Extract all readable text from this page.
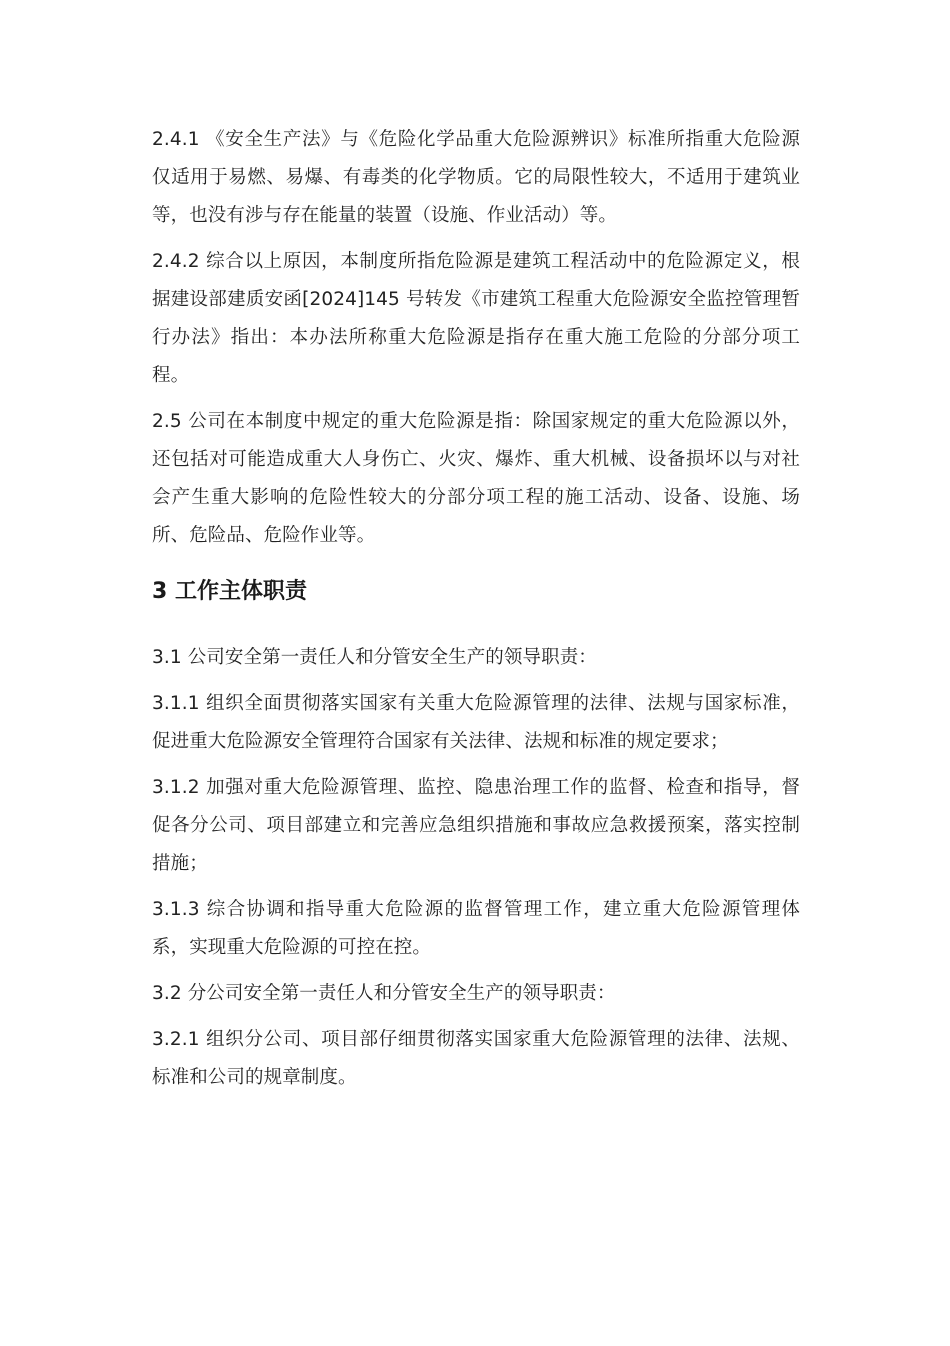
2.4.1 《安全生产法》与《危险化学品重大危险源辨识》标准所指重大危险源仅适用于易燃、易爆、有毒类的化学物质。它的局限性较大，不适用于建筑业等，也没有涉与存在能量的装置（设施、作业活动）等。

2.4.2 综合以上原因，本制度所指危险源是建筑工程活动中的危险源定义，根据建设部建质安函[2024]145 号转发《市建筑工程重大危险源安全监控管理暂行办法》指出：本办法所称重大危险源是指存在重大施工危险的分部分项工程。

2.5 公司在本制度中规定的重大危险源是指：除国家规定的重大危险源以外，还包括对可能造成重大人身伤亡、火灾、爆炸、重大机械、设备损坏以与对社会产生重大影响的危险性较大的分部分项工程的施工活动、设备、设施、场所、危险品、危险作业等。

3 工作主体职责

3.1 公司安全第一责任人和分管安全生产的领导职责：

3.1.1 组织全面贯彻落实国家有关重大危险源管理的法律、法规与国家标准，促进重大危险源安全管理符合国家有关法律、法规和标准的规定要求；

3.1.2 加强对重大危险源管理、监控、隐患治理工作的监督、检查和指导，督促各分公司、项目部建立和完善应急组织措施和事故应急救援预案，落实控制措施；

3.1.3 综合协调和指导重大危险源的监督管理工作，建立重大危险源管理体系，实现重大危险源的可控在控。

3.2 分公司安全第一责任人和分管安全生产的领导职责：

3.2.1 组织分公司、项目部仔细贯彻落实国家重大危险源管理的法律、法规、标准和公司的规章制度。
